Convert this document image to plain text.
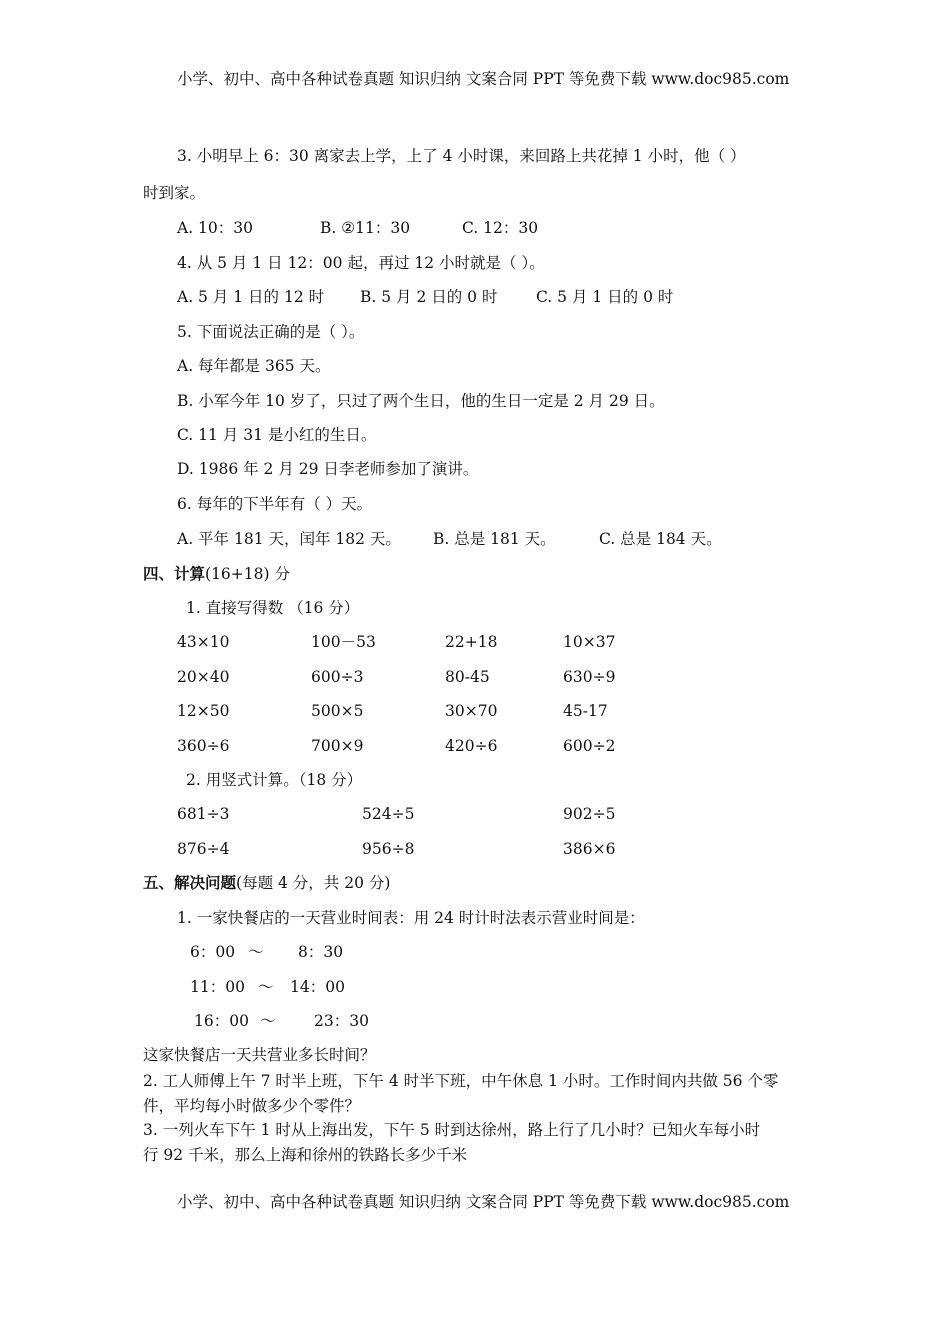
小学、初中、高中各种试卷真题 知识归纳 文案合同 PPT 等免费下载 www.doc985.com
3. 小明早上 6：30 离家去上学，上了 4 小时课，来回路上共花掉 1 小时，他（ ）
时到家。
A. 10：30	B. ②11：30	C. 12：30
4. 从 5 月 1 日 12：00 起，再过 12 小时就是（ ）。
A. 5 月 1 日的 12 时 B. 5 月 2 日的 0 时 C. 5 月 1 日的 0 时
5. 下面说法正确的是（ ）。
A. 每年都是 365 天。
B. 小军今年 10 岁了，只过了两个生日，他的生日一定是 2 月 29 日。
C. 11 月 31 是小红的生日。
D. 1986 年 2 月 29 日李老师参加了演讲。
6. 每年的下半年有（ ）天。
A. 平年 181 天，闰年 182 天。 B. 总是 181 天。	C. 总是 184 天。
四、计算(16+18) 分
1. 直接写得数 （16 分）
43×10	100－53	22+18	10×37
20×40	600÷3	80-45	630÷9
12×50	500×5	30×70	45-17
360÷6	700×9	420÷6	600÷2
2. 用竖式计算。（18 分）
681÷3	524÷5	902÷5
876÷4	956÷8	386×6
五、解决问题(每题 4 分，共 20 分)
1. 一家快餐店的一天营业时间表：用 24 时计时法表示营业时间是：
6：00 ～ 8：30
11：00 ～ 14：00
16：00 ～ 23：30
这家快餐店一天共营业多长时间？
2. 工人师傅上午 7 时半上班，下午 4 时半下班，中午休息 1 小时。工作时间内共做 56 个零
件，平均每小时做多少个零件？
3. 一列火车下午 1 时从上海出发，下午 5 时到达徐州，路上行了几小时？已知火车每小时
行 92 千米，那么上海和徐州的铁路长多少千米
小学、初中、高中各种试卷真题 知识归纳 文案合同 PPT 等免费下载 www.doc985.com
